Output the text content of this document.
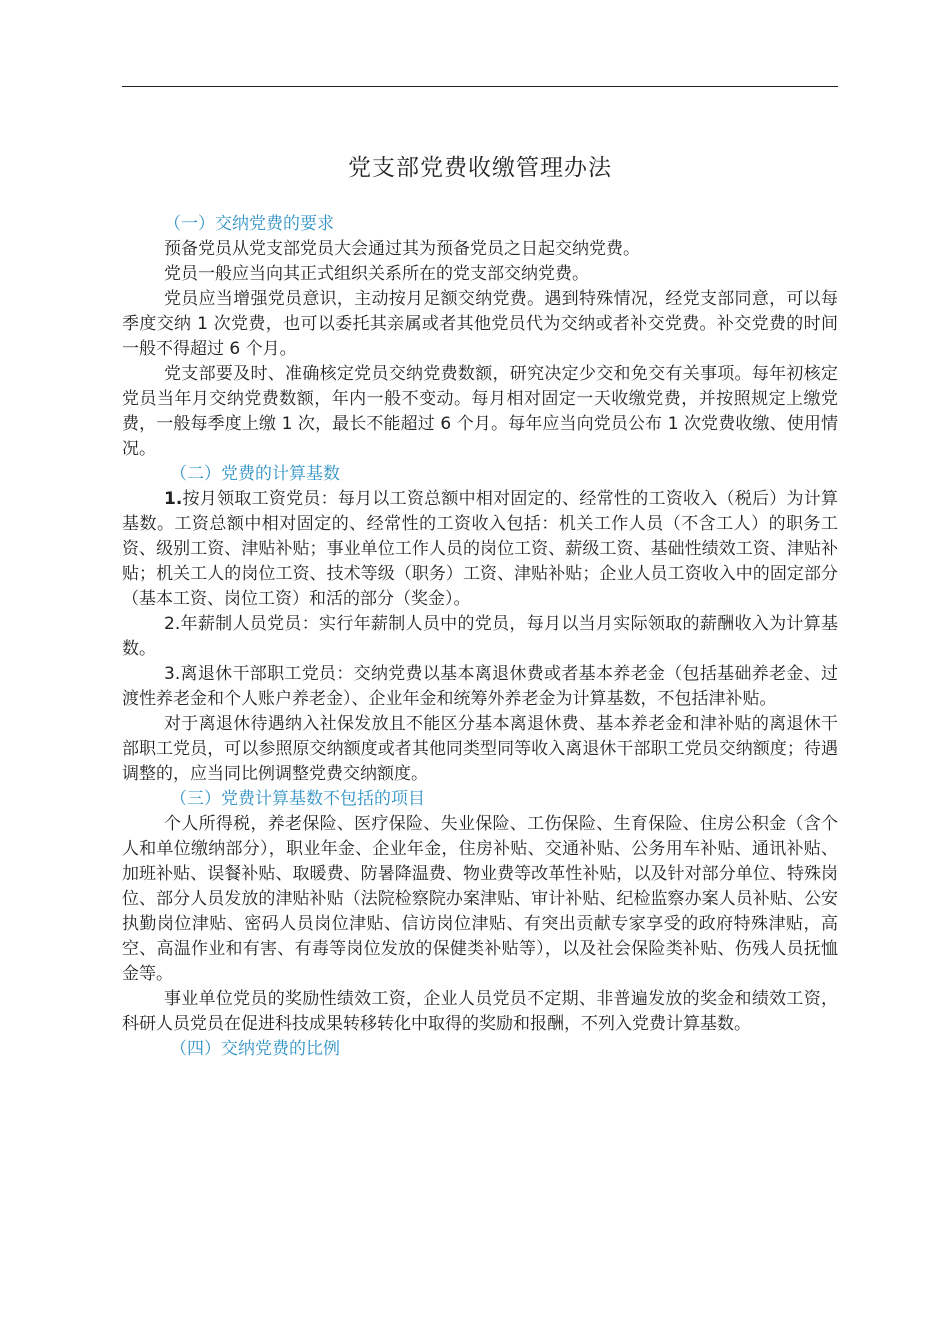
党支部党费收缴管理办法

（一）交纳党费的要求

预备党员从党支部党员大会通过其为预备党员之日起交纳党费。

党员一般应当向其正式组织关系所在的党支部交纳党费。

党员应当增强党员意识，主动按月足额交纳党费。遇到特殊情况，经党支部同意，可以每季度交纳 1 次党费，也可以委托其亲属或者其他党员代为交纳或者补交党费。补交党费的时间一般不得超过 6 个月。

党支部要及时、准确核定党员交纳党费数额，研究决定少交和免交有关事项。每年初核定党员当年月交纳党费数额，年内一般不变动。每月相对固定一天收缴党费，并按照规定上缴党费，一般每季度上缴 1 次，最长不能超过 6 个月。每年应当向党员公布 1 次党费收缴、使用情况。

（二）党费的计算基数

1.按月领取工资党员：每月以工资总额中相对固定的、经常性的工资收入（税后）为计算基数。工资总额中相对固定的、经常性的工资收入包括：机关工作人员（不含工人）的职务工资、级别工资、津贴补贴；事业单位工作人员的岗位工资、薪级工资、基础性绩效工资、津贴补贴；机关工人的岗位工资、技术等级（职务）工资、津贴补贴；企业人员工资收入中的固定部分（基本工资、岗位工资）和活的部分（奖金）。

2.年薪制人员党员：实行年薪制人员中的党员，每月以当月实际领取的薪酬收入为计算基数。

3.离退休干部职工党员：交纳党费以基本离退休费或者基本养老金（包括基础养老金、过渡性养老金和个人账户养老金）、企业年金和统筹外养老金为计算基数，不包括津补贴。

对于离退休待遇纳入社保发放且不能区分基本离退休费、基本养老金和津补贴的离退休干部职工党员，可以参照原交纳额度或者其他同类型同等收入离退休干部职工党员交纳额度；待遇调整的，应当同比例调整党费交纳额度。

（三）党费计算基数不包括的项目

个人所得税，养老保险、医疗保险、失业保险、工伤保险、生育保险、住房公积金（含个人和单位缴纳部分），职业年金、企业年金，住房补贴、交通补贴、公务用车补贴、通讯补贴、加班补贴、误餐补贴、取暖费、防暑降温费、物业费等改革性补贴，以及针对部分单位、特殊岗位、部分人员发放的津贴补贴（法院检察院办案津贴、审计补贴、纪检监察办案人员补贴、公安执勤岗位津贴、密码人员岗位津贴、信访岗位津贴、有突出贡献专家享受的政府特殊津贴，高空、高温作业和有害、有毒等岗位发放的保健类补贴等），以及社会保险类补贴、伤残人员抚恤金等。

事业单位党员的奖励性绩效工资，企业人员党员不定期、非普遍发放的奖金和绩效工资，科研人员党员在促进科技成果转移转化中取得的奖励和报酬，不列入党费计算基数。

（四）交纳党费的比例
